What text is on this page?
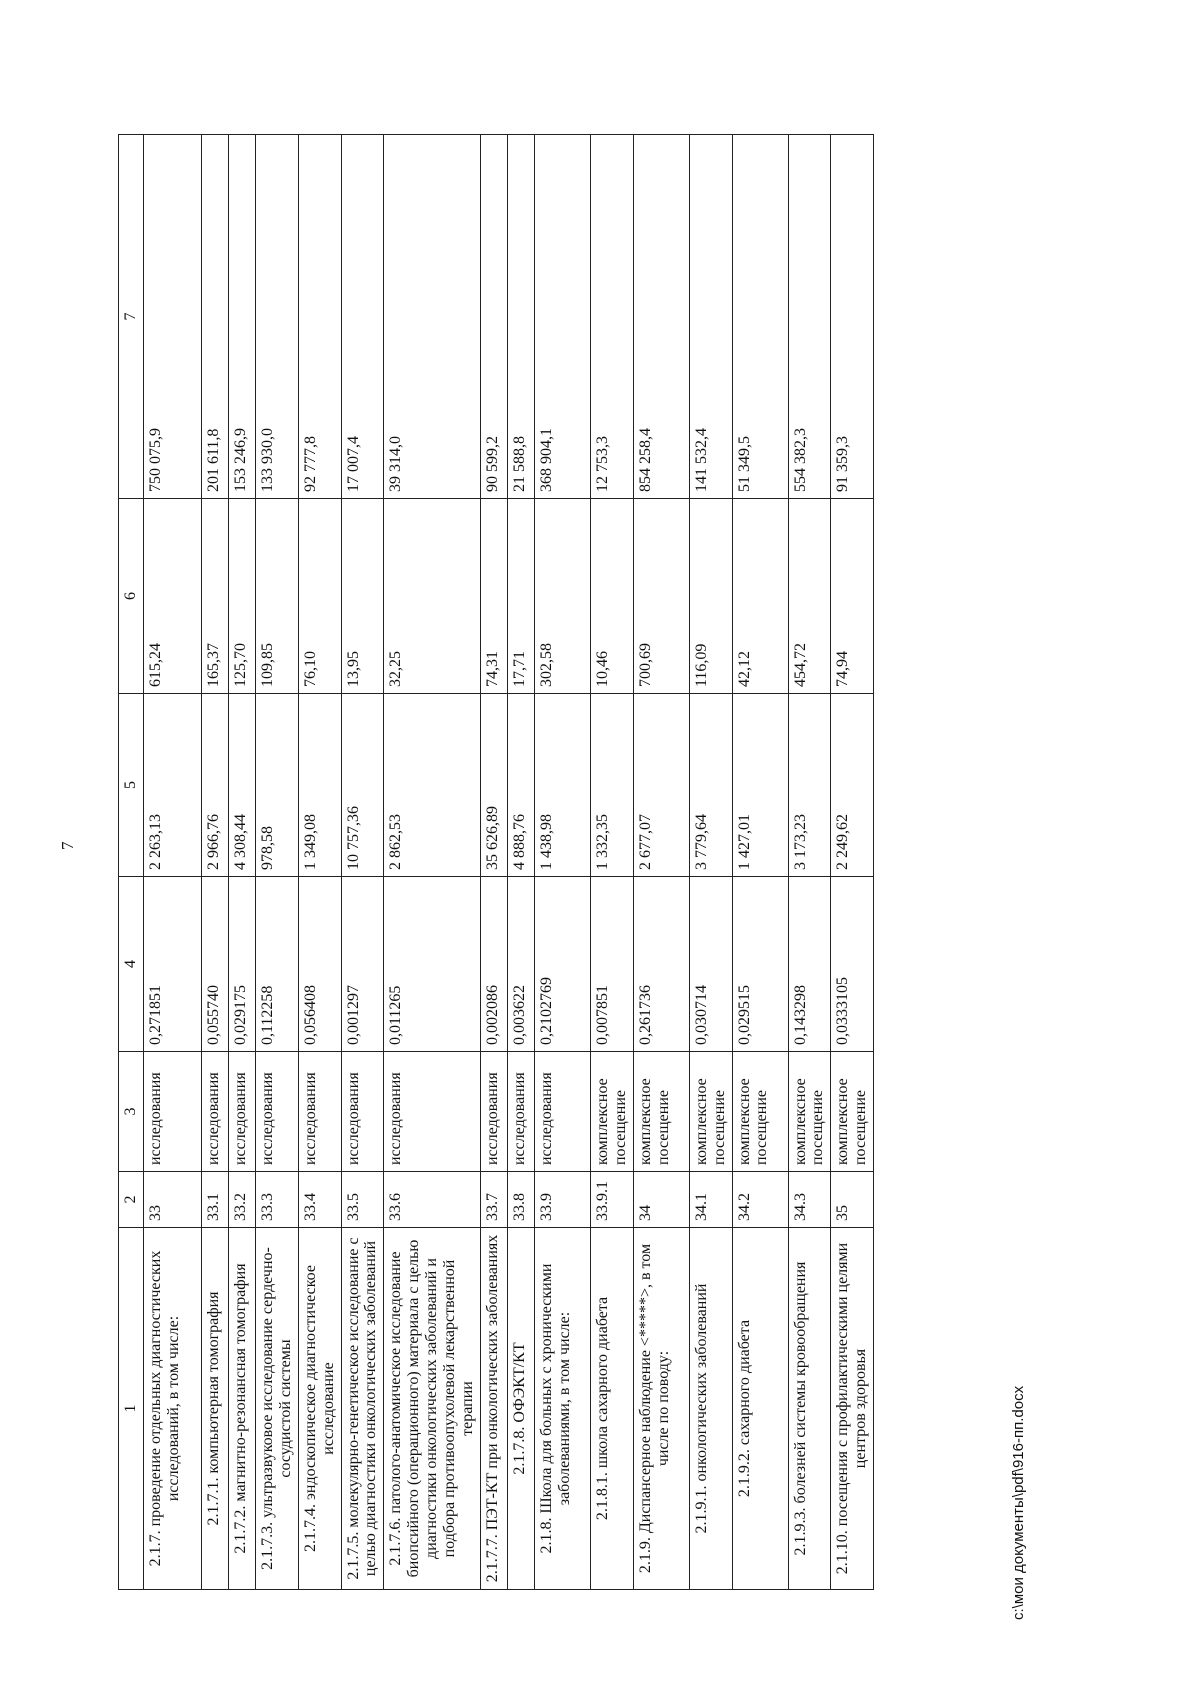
7
1	2	3	4	5	6	7
2.1.7. проведение отдельных диагностических исследований, в том числе:	33	исследования	0,271851	2 263,13	615,24	750 075,9
2.1.7.1. компьютерная томография	33.1	исследования	0,055740	2 966,76	165,37	201 611,8
2.1.7.2. магнитно-резонансная томография	33.2	исследования	0,029175	4 308,44	125,70	153 246,9
2.1.7.3. ультразвуковое исследование сердечно-сосудистой системы	33.3	исследования	0,112258	978,58	109,85	133 930,0
2.1.7.4. эндоскопическое диагностическое исследование	33.4	исследования	0,056408	1 349,08	76,10	92 777,8
2.1.7.5. молекулярно-генетическое исследование с целью диагностики онкологических заболеваний	33.5	исследования	0,001297	10 757,36	13,95	17 007,4
2.1.7.6. патолого-анатомическое исследование биопсийного (операционного) материала с целью диагностики онкологических заболеваний и подбора противоопухолевой лекарственной терапии	33.6	исследования	0,011265	2 862,53	32,25	39 314,0
2.1.7.7. ПЭТ-КТ при онкологических заболеваниях	33.7	исследования	0,002086	35 626,89	74,31	90 599,2
2.1.7.8. ОФЭКТ/КТ	33.8	исследования	0,003622	4 888,76	17,71	21 588,8
2.1.8. Школа для больных с хроническими заболеваниями, в том числе:	33.9	исследования	0,2102769	1 438,98	302,58	368 904,1
2.1.8.1. школа сахарного диабета	33.9.1	комплексное посещение	0,007851	1 332,35	10,46	12 753,3
2.1.9. Диспансерное наблюдение <*****>, в том числе по поводу:	34	комплексное посещение	0,261736	2 677,07	700,69	854 258,4
2.1.9.1. онкологических заболеваний	34.1	комплексное посещение	0,030714	3 779,64	116,09	141 532,4
2.1.9.2. сахарного диабета	34.2	комплексное посещение	0,029515	1 427,01	42,12	51 349,5
2.1.9.3. болезней системы кровообращения	34.3	комплексное посещение	0,143298	3 173,23	454,72	554 382,3
2.1.10. посещения с профилактическими целями центров здоровья	35	комплексное посещение	0,0333105	2 249,62	74,94	91 359,3
c:\мои документы\pdf\916-пп.docx
